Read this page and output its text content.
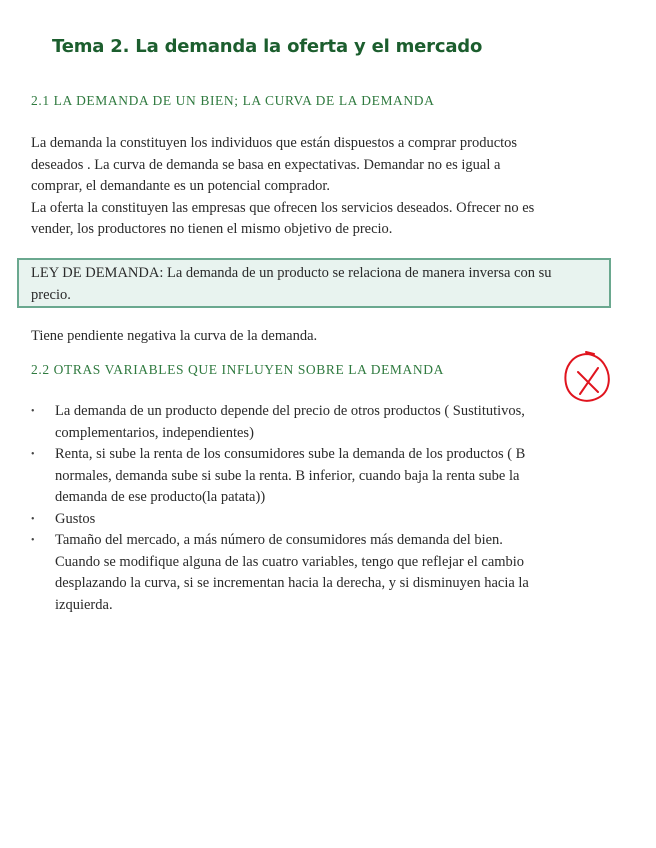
Tema 2. La demanda la oferta y el mercado
2.1 LA DEMANDA DE UN BIEN; LA CURVA DE LA DEMANDA

La demanda la constituyen los individuos que están dispuestos a comprar productos
deseados . La curva de demanda se basa en expectativas. Demandar no es igual a
comprar, el demandante es un potencial comprador.
La oferta la constituyen las empresas que ofrecen los servicios deseados. Ofrecer no es
vender, los productores no tienen el mismo objetivo de precio.

LEY DE DEMANDA: La demanda de un producto se relaciona de manera inversa con su
precio.

Tiene pendiente negativa la curva de la demanda.

2.2 OTRAS VARIABLES QUE INFLUYEN SOBRE LA DEMANDA
• La demanda de un producto depende del precio de otros productos ( Sustitutivos,
complementarios, independientes)
• Renta, si sube la renta de los consumidores sube la demanda de los productos ( B
normales, demanda sube si sube la renta. B inferior, cuando baja la renta sube la
demanda de ese producto(la patata))
• Gustos
• Tamaño del mercado, a más número de consumidores más demanda del bien.
Cuando se modifique alguna de las cuatro variables, tengo que reflejar el cambio
desplazando la curva, si se incrementan hacia la derecha, y si disminuyen hacia la
izquierda.
